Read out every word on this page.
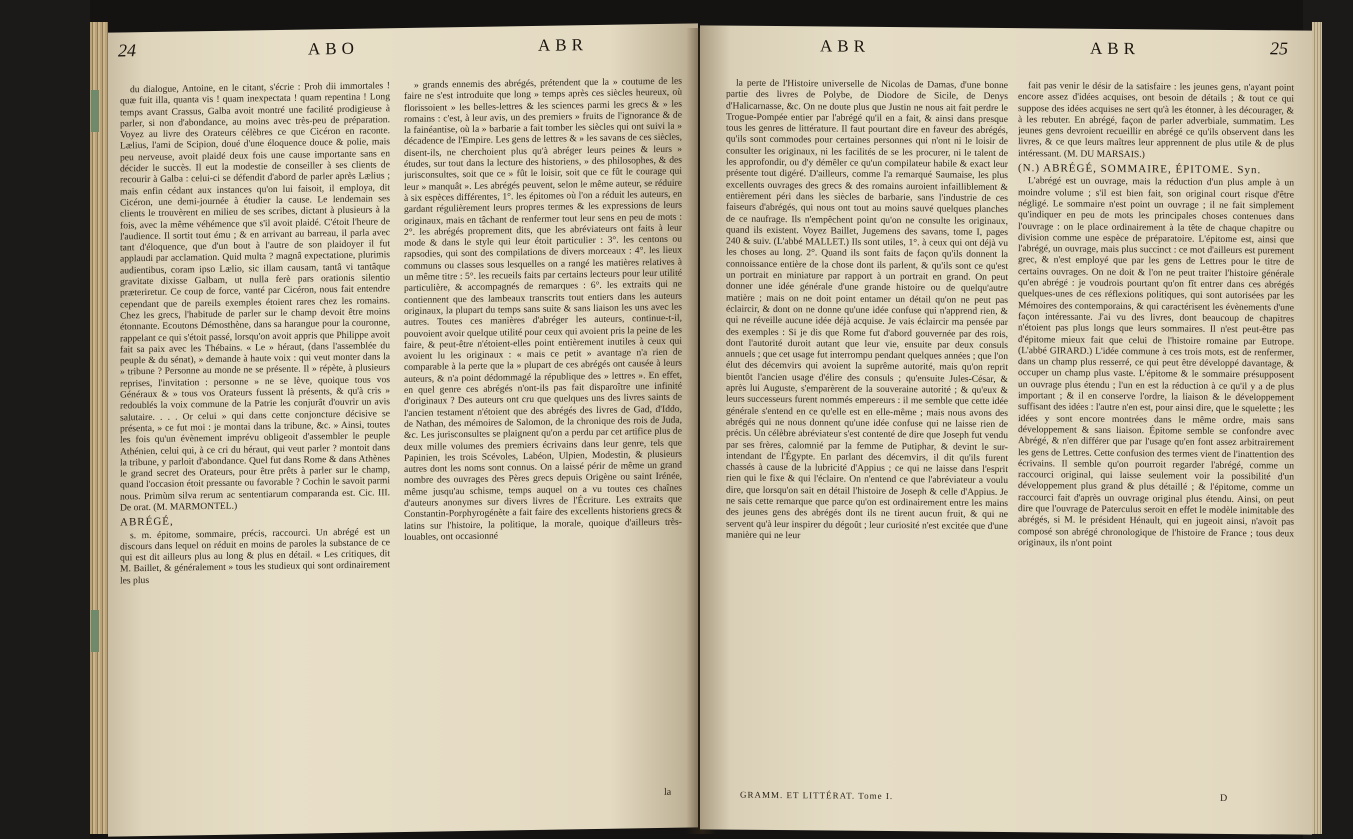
24	ABO	ABR

du dialogue, Antoine, en le citant, s'écrie : Proh dii immortales ! quæ fuit illa, quanta vis ! quam inexpectata ! quam repentina ! Long temps avant Crassus, Galba avoit montré une facilité prodigieuse à parler, si non d'abondance, au moins avec très-peu de préparation. Voyez au livre des Orateurs célèbres ce que Cicéron en raconte. Lælius, l'ami de Scipion, doué d'une éloquence douce & polie, mais peu nerveuse, avoit plaidé deux fois une cause importante sans en décider le succès. Il eut la modestie de conseiller à ses clients de recourir à Galba : celui-ci se défendit d'abord de parler après Lælius ; mais enfin cédant aux instances qu'on lui faisoit, il employa, dit Cicéron, une demi-journée à étudier la cause. Le lendemain ses clients le trouvèrent en milieu de ses scribes, dictant à plusieurs à la fois, avec la même véhémence que s'il avoit plaidé. C'étoit l'heure de l'audience. Il sortit tout ému ; & en arrivant au barreau, il parla avec tant d'éloquence, que d'un bout à l'autre de son plaidoyer il fut applaudi par acclamation. Quid multa ? magnâ expectatione, plurimis audientibus, coram ipso Lælio, sic illam causam, tantâ vi tantâque gravitate dixisse Galbam, ut nulla ferè pars orationis silentio præteriretur. Ce coup de force, vanté par Cicéron, nous fait entendre cependant que de pareils exemples étoient rares chez les romains. Chez les grecs, l'habitude de parler sur le champ devoit être moins étonnante. Ecoutons Démosthène, dans sa harangue pour la couronne, rappelant ce qui s'étoit passé, lorsqu'on avoit appris que Philippe avoit fait sa paix avec les Thébains. « Le » héraut, (dans l'assemblée du peuple & du sénat), » demande à haute voix : qui veut monter dans la » tribune ? Personne au monde ne se présente. Il » répète, à plusieurs reprises, l'invitation : personne » ne se lève, quoique tous vos Généraux & » tous vos Orateurs fussent là présents, & qu'à cris » redoublés la voix commune de la Patrie les conjurât d'ouvrir un avis salutaire. . . . Or celui » qui dans cette conjoncture décisive se présenta, » ce fut moi : je montai dans la tribune, &c. » Ainsi, toutes les fois qu'un évènement imprévu obligeoit d'assembler le peuple Athénien, celui qui, à ce cri du héraut, qui veut parler ? montoit dans la tribune, y parloit d'abondance. Quel fut dans Rome & dans Athènes le grand secret des Orateurs, pour être prêts à parler sur le champ, quand l'occasion étoit pressante ou favorable ? Cochin le savoit parmi nous. Primùm silva rerum ac sententiarum comparanda est. Cic. III. De orat. (M. MARMONTEL.)

ABRÉGÉ,

s. m. épitome, sommaire, précis, raccourci. Un abrégé est un discours dans lequel on réduit en moins de paroles la substance de ce qui est dit ailleurs plus au long & plus en détail. « Les critiques, dit M. Baillet, & généralement » tous les studieux qui sont ordinairement les plus

» grands ennemis des abrégés, prétendent que la » coutume de les faire ne s'est introduite que long » temps après ces siècles heureux, où florissoient » les belles-lettres & les sciences parmi les grecs & » les romains : c'est, à leur avis, un des premiers » fruits de l'ignorance & de la fainéantise, où la » barbarie a fait tomber les siècles qui ont suivi la » décadence de l'Empire. Les gens de lettres & » les savans de ces siècles, disent-ils, ne cherchoient plus qu'à abréger leurs peines & leurs » études, sur tout dans la lecture des historiens, » des philosophes, & des jurisconsultes, soit que ce » fût le loisir, soit que ce fût le courage qui leur » manquât ». Les abrégés peuvent, selon le même auteur, se réduire à six espèces différentes, 1°. les épitomes où l'on a réduit les auteurs, en gardant régulièrement leurs propres termes & les expressions de leurs originaux, mais en tâchant de renfermer tout leur sens en peu de mots : 2°. les abrégés proprement dits, que les abréviateurs ont faits à leur mode & dans le style qui leur étoit particulier : 3°. les centons ou rapsodies, qui sont des compilations de divers morceaux : 4°. les lieux communs ou classes sous lesquelles on a rangé les matières relatives à un même titre : 5°. les recueils faits par certains lecteurs pour leur utilité particulière, & accompagnés de remarques : 6°. les extraits qui ne contiennent que des lambeaux transcrits tout entiers dans les auteurs originaux, la plupart du temps sans suite & sans liaison les uns avec les autres. Toutes ces manières d'abréger les auteurs, continue-t-il, pouvoient avoir quelque utilité pour ceux qui avoient pris la peine de les faire, & peut-être n'étoient-elles point entièrement inutiles à ceux qui avoient lu les originaux : « mais ce petit » avantage n'a rien de comparable à la perte que la » plupart de ces abrégés ont causée à leurs auteurs, & n'a point dédommagé la république des » lettres ». En effet, en quel genre ces abrégés n'ont-ils pas fait disparoître une infinité d'originaux ? Des auteurs ont cru que quelques uns des livres saints de l'ancien testament n'étoient que des abrégés des livres de Gad, d'Iddo, de Nathan, des mémoires de Salomon, de la chronique des rois de Juda, &c. Les jurisconsultes se plaignent qu'on a perdu par cet artifice plus de deux mille volumes des premiers écrivains dans leur genre, tels que Papinien, les trois Scévoles, Labéon, Ulpien, Modestin, & plusieurs autres dont les noms sont connus. On a laissé périr de même un grand nombre des ouvrages des Pères grecs depuis Origène ou saint Irénée, même jusqu'au schisme, temps auquel on a vu toutes ces chaînes d'auteurs anonymes sur divers livres de l'Écriture. Les extraits que Constantin-Porphyrogénète a fait faire des excellents historiens grecs & latins sur l'histoire, la politique, la morale, quoique d'ailleurs très-louables, ont occasionné

la
ABR	ABR	25

la perte de l'Histoire universelle de Nicolas de Damas, d'une bonne partie des livres de Polybe, de Diodore de Sicile, de Denys d'Halicarnasse, &c. On ne doute plus que Justin ne nous ait fait perdre le Trogue-Pompée entier par l'abrégé qu'il en a fait, & ainsi dans presque tous les genres de littérature. Il faut pourtant dire en faveur des abrégés, qu'ils sont commodes pour certaines personnes qui n'ont ni le loisir de consulter les originaux, ni les facilités de se les procurer, ni le talent de les approfondir, ou d'y démêler ce qu'un compilateur habile & exact leur présente tout digéré. D'ailleurs, comme l'a remarqué Saumaise, les plus excellents ouvrages des grecs & des romains auroient infailliblement & entièrement péri dans les siècles de barbarie, sans l'industrie de ces faiseurs d'abrégés, qui nous ont tout au moins sauvé quelques planches de ce naufrage. Ils n'empêchent point qu'on ne consulte les originaux, quand ils existent. Voyez Baillet, Jugemens des savans, tome I, pages 240 & suiv. (L'abbé MALLET.) Ils sont utiles, 1°. à ceux qui ont déjà vu les choses au long. 2°. Quand ils sont faits de façon qu'ils donnent la connoissance entière de la chose dont ils parlent, & qu'ils sont ce qu'est un portrait en miniature par rapport à un portrait en grand. On peut donner une idée générale d'une grande histoire ou de quelqu'autre matière ; mais on ne doit point entamer un détail qu'on ne peut pas éclaircir, & dont on ne donne qu'une idée confuse qui n'apprend rien, & qui ne réveille aucune idée déjà acquise. Je vais éclaircir ma pensée par des exemples : Si je dis que Rome fut d'abord gouvernée par des rois, dont l'autorité duroit autant que leur vie, ensuite par deux consuls annuels ; que cet usage fut interrompu pendant quelques années ; que l'on élut des décemvirs qui avoient la suprême autorité, mais qu'on reprit bientôt l'ancien usage d'élire des consuls ; qu'ensuite Jules-César, & après lui Auguste, s'emparèrent de la souveraine autorité ; & qu'eux & leurs successeurs furent nommés empereurs : il me semble que cette idée générale s'entend en ce qu'elle est en elle-même ; mais nous avons des abrégés qui ne nous donnent qu'une idée confuse qui ne laisse rien de précis. Un célèbre abréviateur s'est contenté de dire que Joseph fut vendu par ses frères, calomnié par la femme de Putiphar, & devint le sur-intendant de l'Égypte. En parlant des décemvirs, il dit qu'ils furent chassés à cause de la lubricité d'Appius ; ce qui ne laisse dans l'esprit rien qui le fixe & qui l'éclaire. On n'entend ce que l'abréviateur a voulu dire, que lorsqu'on sait en détail l'histoire de Joseph & celle d'Appius. Je ne sais cette remarque que parce qu'on est ordinairement entre les mains des jeunes gens des abrégés dont ils ne tirent aucun fruit, & qui ne servent qu'à leur inspirer du dégoût ; leur curiosité n'est excitée que d'une manière qui ne leur

GRAMM. ET LITTÉRAT. Tome I.

fait pas venir le désir de la satisfaire : les jeunes gens, n'ayant point encore assez d'idées acquises, ont besoin de détails ; & tout ce qui suppose des idées acquises ne sert qu'à les étonner, à les décourager, & à les rebuter. En abrégé, façon de parler adverbiale, summatim. Les jeunes gens devroient recueillir en abrégé ce qu'ils observent dans les livres, & ce que leurs maîtres leur apprennent de plus utile & de plus intéressant. (M. DU MARSAIS.)

(N.) ABRÉGÉ, SOMMAIRE, ÉPITOME. Syn.

L'abrégé est un ouvrage, mais la réduction d'un plus ample à un moindre volume ; s'il est bien fait, son original court risque d'être négligé. Le sommaire n'est point un ouvrage ; il ne fait simplement qu'indiquer en peu de mots les principales choses contenues dans l'ouvrage : on le place ordinairement à la tête de chaque chapitre ou division comme une espèce de préparatoire. L'épitome est, ainsi que l'abrégé, un ouvrage, mais plus succinct : ce mot d'ailleurs est purement grec, & n'est employé que par les gens de Lettres pour le titre de certains ouvrages. On ne doit & l'on ne peut traiter l'histoire générale qu'en abrégé : je voudrois pourtant qu'on fît entrer dans ces abrégés quelques-unes de ces réflexions politiques, qui sont autorisées par les Mémoires des contemporains, & qui caractérisent les évènements d'une façon intéressante. J'ai vu des livres, dont beaucoup de chapitres n'étoient pas plus longs que leurs sommaires. Il n'est peut-être pas d'épitome mieux fait que celui de l'histoire romaine par Eutrope. (L'abbé GIRARD.) L'idée commune à ces trois mots, est de renfermer, dans un champ plus resserré, ce qui peut être développé davantage, & occuper un champ plus vaste. L'épitome & le sommaire présupposent un ouvrage plus étendu ; l'un en est la réduction à ce qu'il y a de plus important ; & il en conserve l'ordre, la liaison & le développement suffisant des idées : l'autre n'en est, pour ainsi dire, que le squelette ; les idées y sont encore montrées dans le même ordre, mais sans développement & sans liaison. Épitome semble se confondre avec Abrégé, & n'en différer que par l'usage qu'en font assez arbitrairement les gens de Lettres. Cette confusion des termes vient de l'inattention des écrivains. Il semble qu'on pourroit regarder l'abrégé, comme un raccourci original, qui laisse seulement voir la possibilité d'un développement plus grand & plus détaillé ; & l'épitome, comme un raccourci fait d'après un ouvrage original plus étendu. Ainsi, on peut dire que l'ouvrage de Paterculus seroit en effet le modèle inimitable des abrégés, si M. le président Hénault, qui en jugeoit ainsi, n'avoit pas composé son abrégé chronologique de l'histoire de France ; tous deux originaux, ils n'ont point

D
